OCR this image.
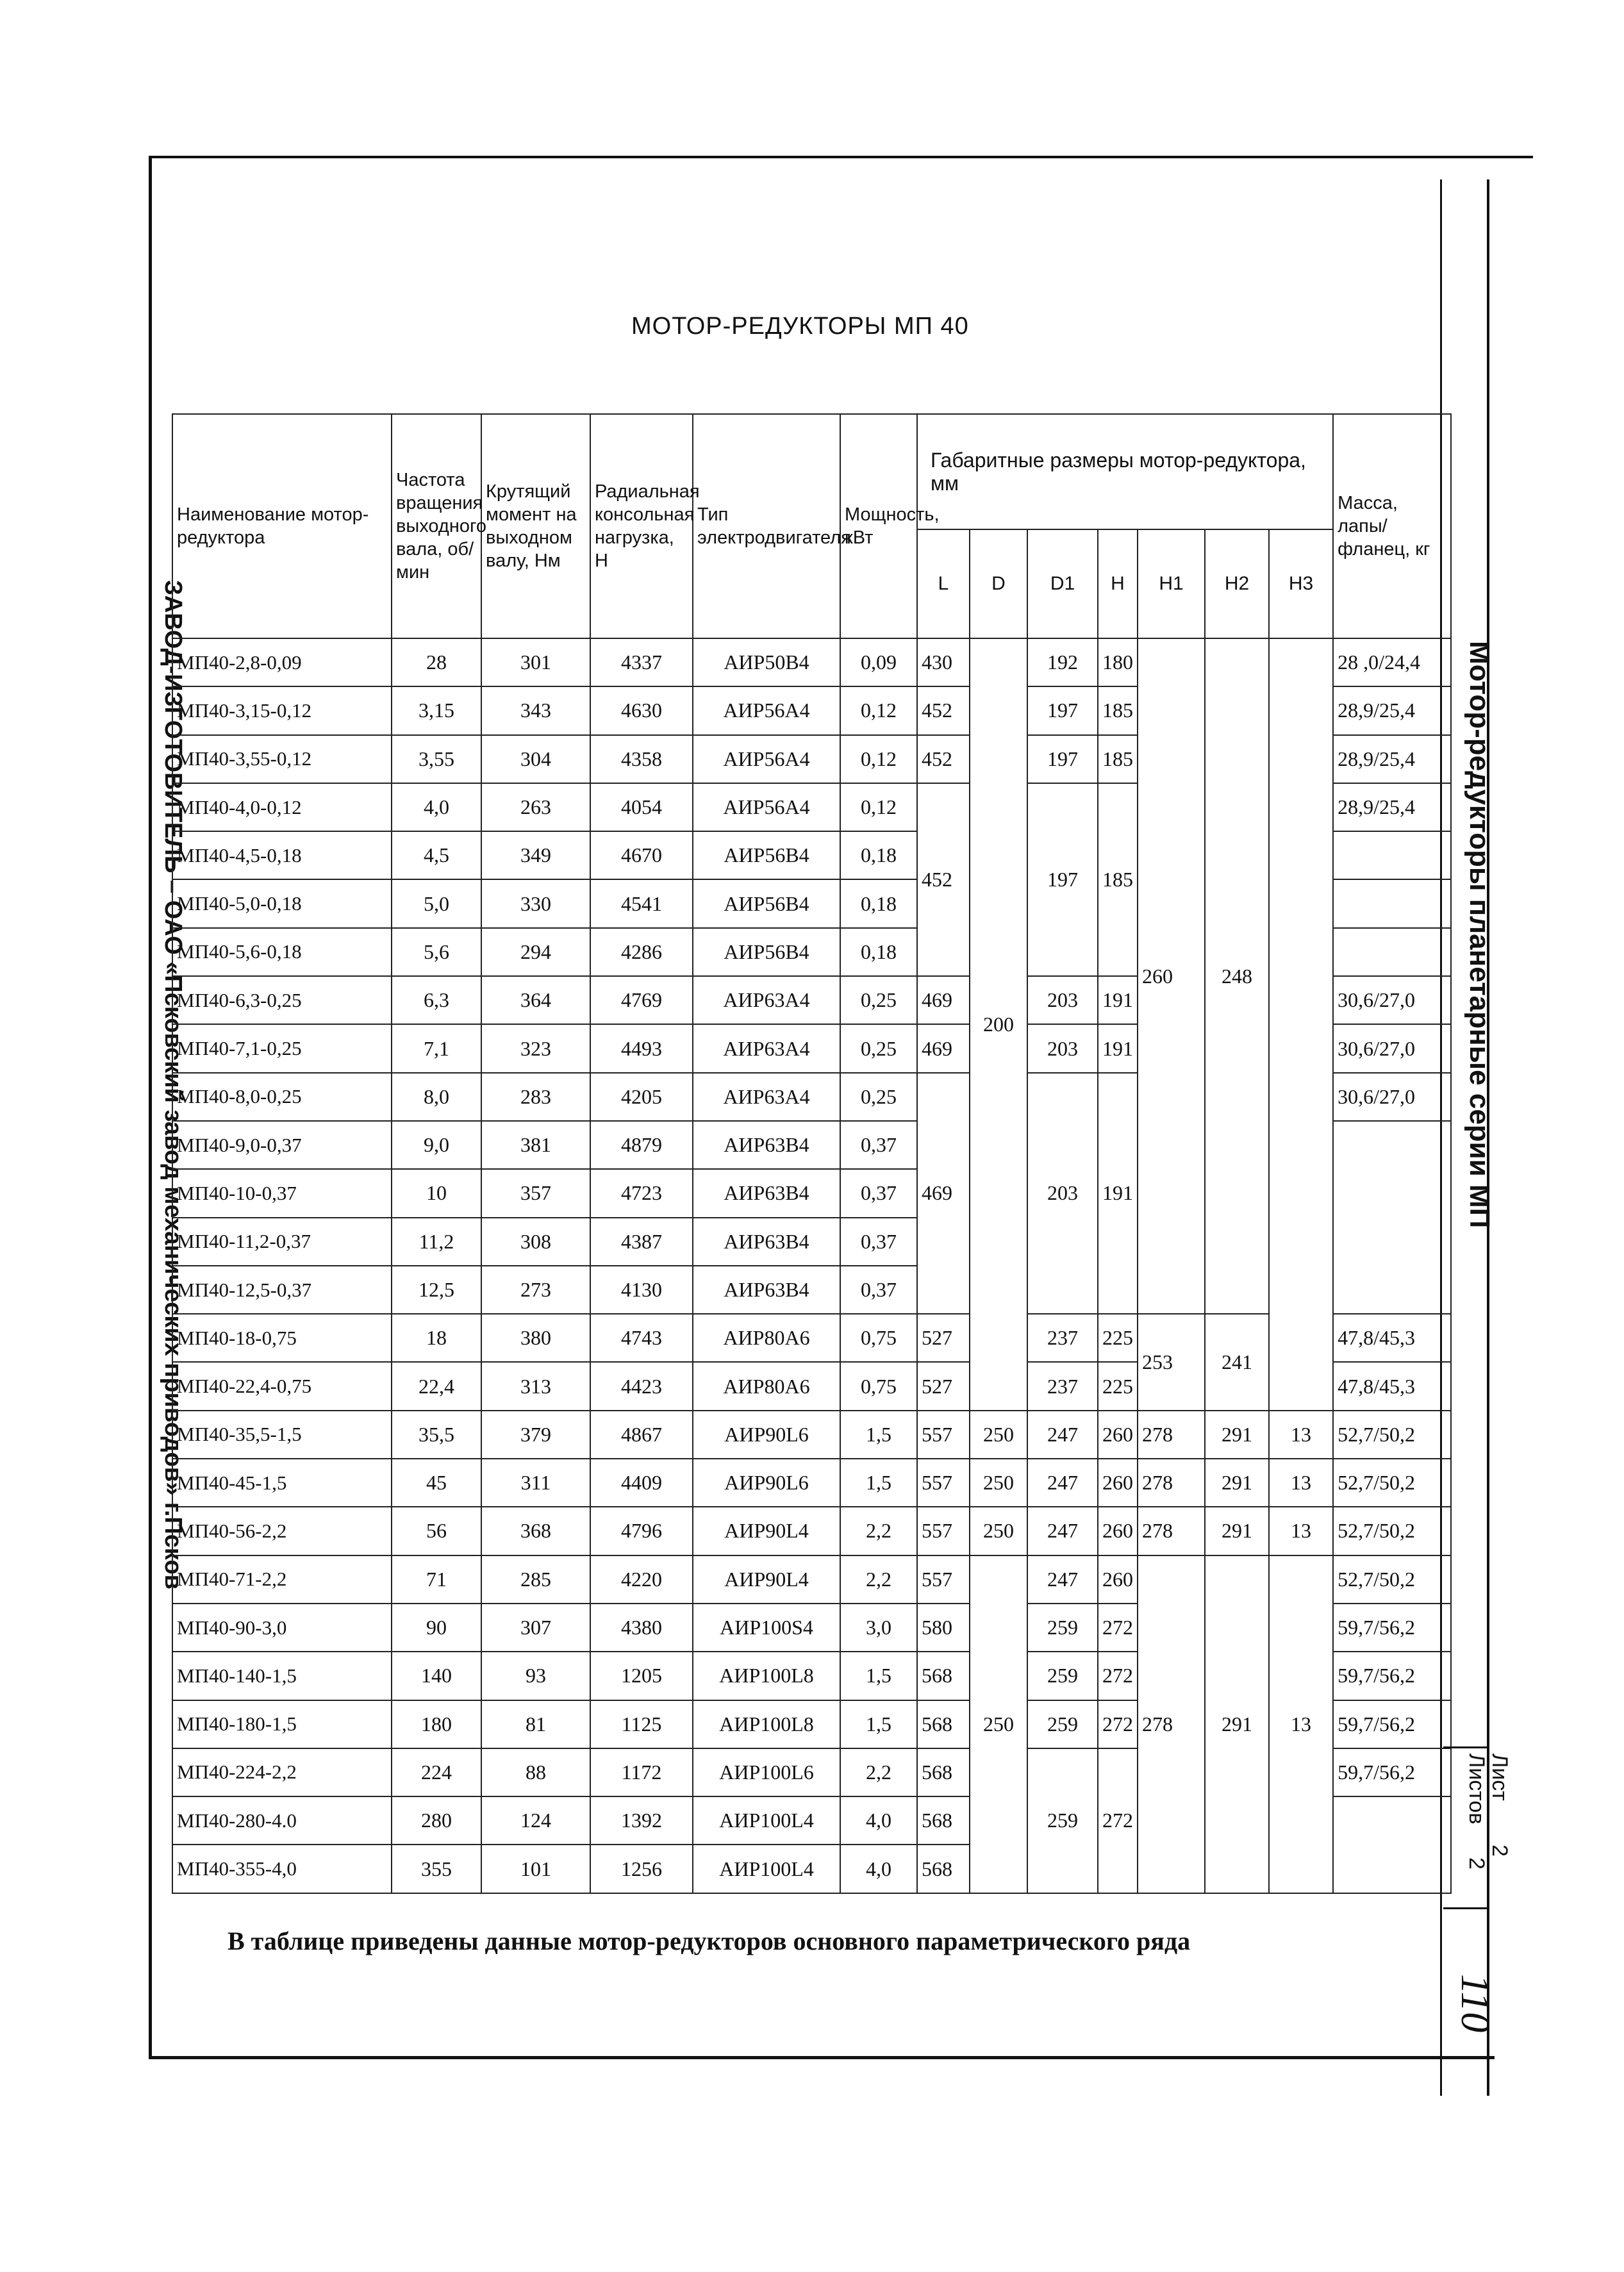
ЗАВОД-ИЗГОТОВИТЕЛЬ – ОАО «Псковский завод механических приводов» г.Псков	Мотор-редукторы планетарные серии МП
МОТОР-РЕДУКТОРЫ МП 40
Наименование мотор-редуктора	Частота вращения выходного вала, об/мин	Крутящий момент на выходном валу, Нм	Радиальная консольная нагрузка, Н	Тип электродвигателя	Мощность, кВт	Габаритные размеры мотор-редуктора, мм							Масса, лапы/фланец, кг
						L	D	D1	H	H1	H2	H3	
МП40-2,8-0,09	28	301	4337	АИР50В4	0,09	430	200	192	180	260	248		28 ,0/24,4
МП40-3,15-0,12	3,15	343	4630	АИР56А4	0,12	452		197	185				28,9/25,4
МП40-3,55-0,12	3,55	304	4358	АИР56А4	0,12	452		197	185				28,9/25,4
МП40-4,0-0,12	4,0	263	4054	АИР56А4	0,12	452		197	185				28,9/25,4
МП40-4,5-0,18	4,5	349	4670	АИР56В4	0,18								
МП40-5,0-0,18	5,0	330	4541	АИР56В4	0,18								
МП40-5,6-0,18	5,6	294	4286	АИР56В4	0,18								
МП40-6,3-0,25	6,3	364	4769	АИР63А4	0,25	469		203	191				30,6/27,0
МП40-7,1-0,25	7,1	323	4493	АИР63А4	0,25	469		203	191				30,6/27,0
МП40-8,0-0,25	8,0	283	4205	АИР63А4	0,25	469		203	191				30,6/27,0
МП40-9,0-0,37	9,0	381	4879	АИР63В4	0,37								
МП40-10-0,37	10	357	4723	АИР63В4	0,37								
МП40-11,2-0,37	11,2	308	4387	АИР63В4	0,37								
МП40-12,5-0,37	12,5	273	4130	АИР63В4	0,37								
МП40-18-0,75	18	380	4743	АИР80А6	0,75	527		237	225	253	241		47,8/45,3
МП40-22,4-0,75	22,4	313	4423	АИР80А6	0,75	527		237	225				47,8/45,3
МП40-35,5-1,5	35,5	379	4867	АИР90L6	1,5	557	250	247	260	278	291	13	52,7/50,2
МП40-45-1,5	45	311	4409	АИР90L6	1,5	557	250	247	260	278	291	13	52,7/50,2
МП40-56-2,2	56	368	4796	АИР90L4	2,2	557	250	247	260	278	291	13	52,7/50,2
МП40-71-2,2	71	285	4220	АИР90L4	2,2	557	250	247	260	278	291	13	52,7/50,2
МП40-90-3,0	90	307	4380	АИР100S4	3,0	580		259	272				59,7/56,2
МП40-140-1,5	140	93	1205	АИР100L8	1,5	568		259	272				59,7/56,2
МП40-180-1,5	180	81	1125	АИР100L8	1,5	568		259	272				59,7/56,2
МП40-224-2,2	224	88	1172	АИР100L6	2,2	568		259	272				59,7/56,2
МП40-280-4.0	280	124	1392	АИР100L4	4,0	568							
МП40-355-4,0	355	101	1256	АИР100L4	4,0	568							
В таблице приведены данные мотор-редукторов основного параметрического ряда
Лист
2
Листов
2
110
